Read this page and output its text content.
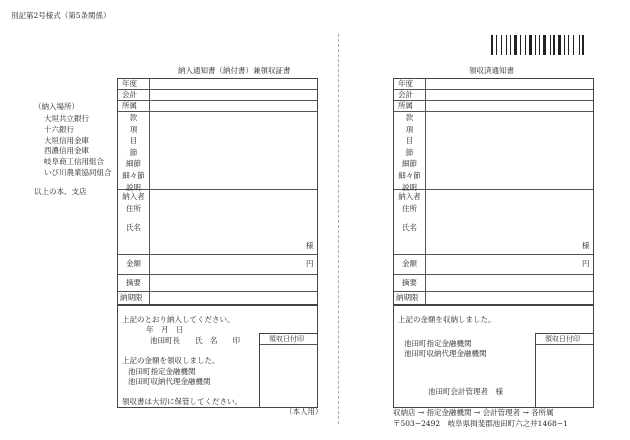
別記第2号様式（第5条関係）
（納入場所）
大垣共立銀行
十六銀行
大垣信用金庫
西濃信用金庫
岐阜商工信用組合
いび川農業協同組合
以上の本、支店
納入通知書（納付書）兼領収証書
年度
会計
所属
款
項
目
節
細節
細々節
説明
納入者
住所
氏名
様
金額	円
摘要
納期限
上記のとおり納入してください。
年　月　日
池田町長　　氏　名　　印
上記の金額を領収しました。
池田町指定金融機関
池田町収納代理金融機関
領収書は大切に保管してください。
領収日付印
（本人用）
領収済通知書
年度
会計
所属
款
項
目
節
細節
細々節
説明
納入者
住所
氏名
様
金額	円
摘要
納期限
上記の金額を収納しました。
池田町指定金融機関
池田町収納代理金融機関
池田町会計管理者　様
領収日付印
収納店 → 指定金融機関 → 会計管理者 → 各所属
〒503−2492　岐阜県揖斐郡池田町六之井1468−1
